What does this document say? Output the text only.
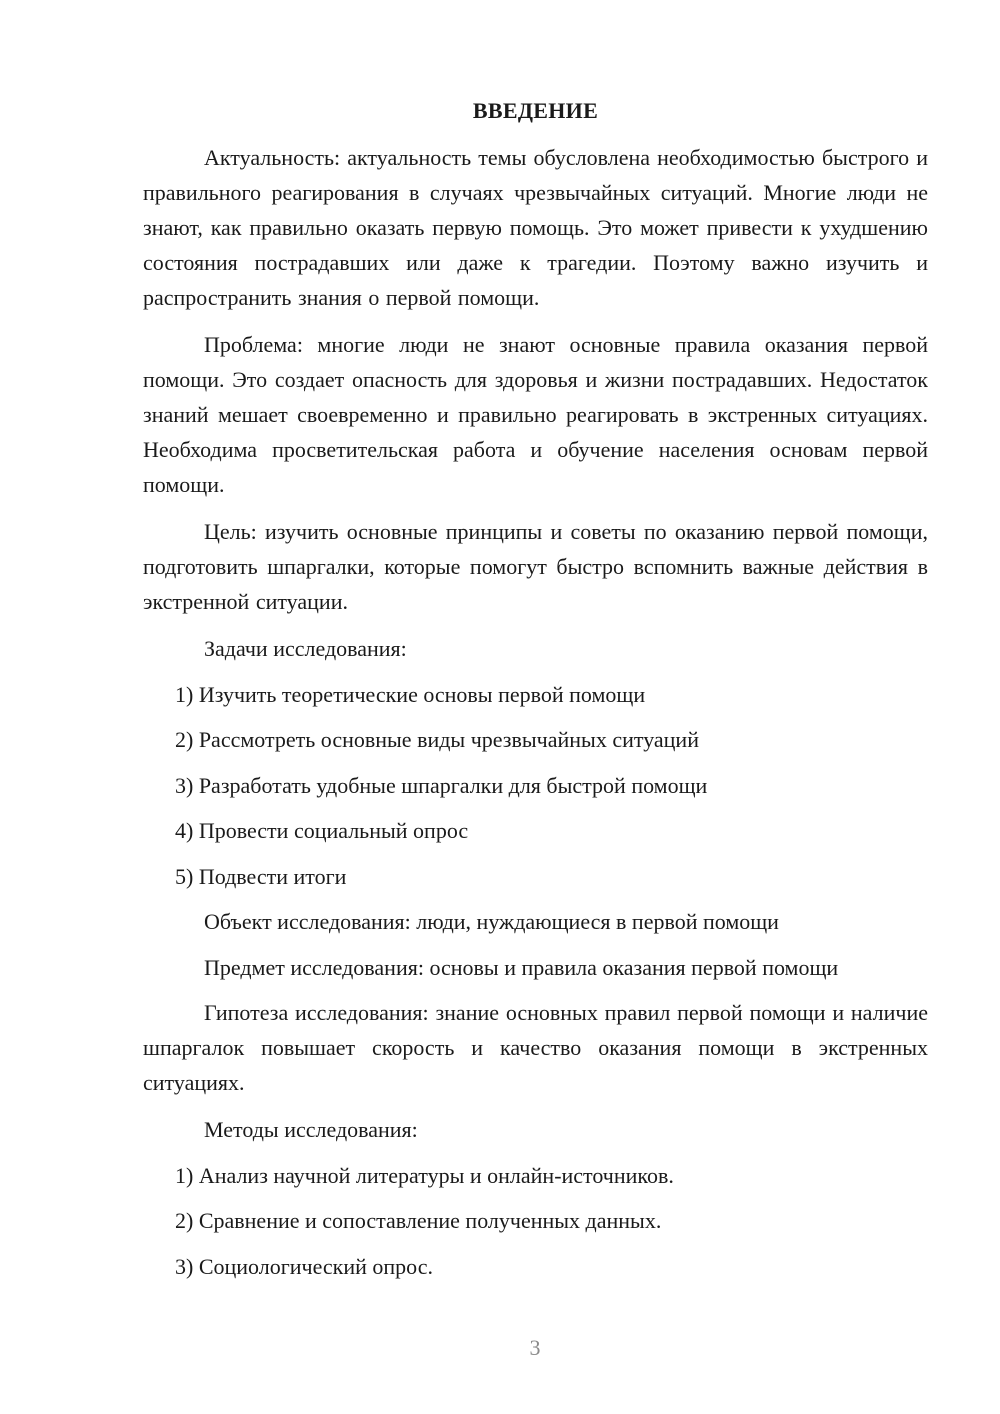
ВВЕДЕНИЕ

Актуальность: актуальность темы обусловлена необходимостью быстрого и правильного реагирования в случаях чрезвычайных ситуаций. Многие люди не знают, как правильно оказать первую помощь. Это может привести к ухудшению состояния пострадавших или даже к трагедии. Поэтому важно изучить и распространить знания о первой помощи.

Проблема: многие люди не знают основные правила оказания первой помощи. Это создает опасность для здоровья и жизни пострадавших. Недостаток знаний мешает своевременно и правильно реагировать в экстренных ситуациях. Необходима просветительская работа и обучение населения основам первой помощи.

Цель: изучить основные принципы и советы по оказанию первой помощи, подготовить шпаргалки, которые помогут быстро вспомнить важные действия в экстренной ситуации.

Задачи исследования:
1) Изучить теоретические основы первой помощи
2) Рассмотреть основные виды чрезвычайных ситуаций
3) Разработать удобные шпаргалки для быстрой помощи
4) Провести социальный опрос
5) Подвести итоги
Объект исследования: люди, нуждающиеся в первой помощи
Предмет исследования: основы и правила оказания первой помощи

Гипотеза исследования: знание основных правил первой помощи и наличие шпаргалок повышает скорость и качество оказания помощи в экстренных ситуациях.

Методы исследования:
1) Анализ научной литературы и онлайн-источников.
2) Сравнение и сопоставление полученных данных.
3) Социологический опрос.
3
